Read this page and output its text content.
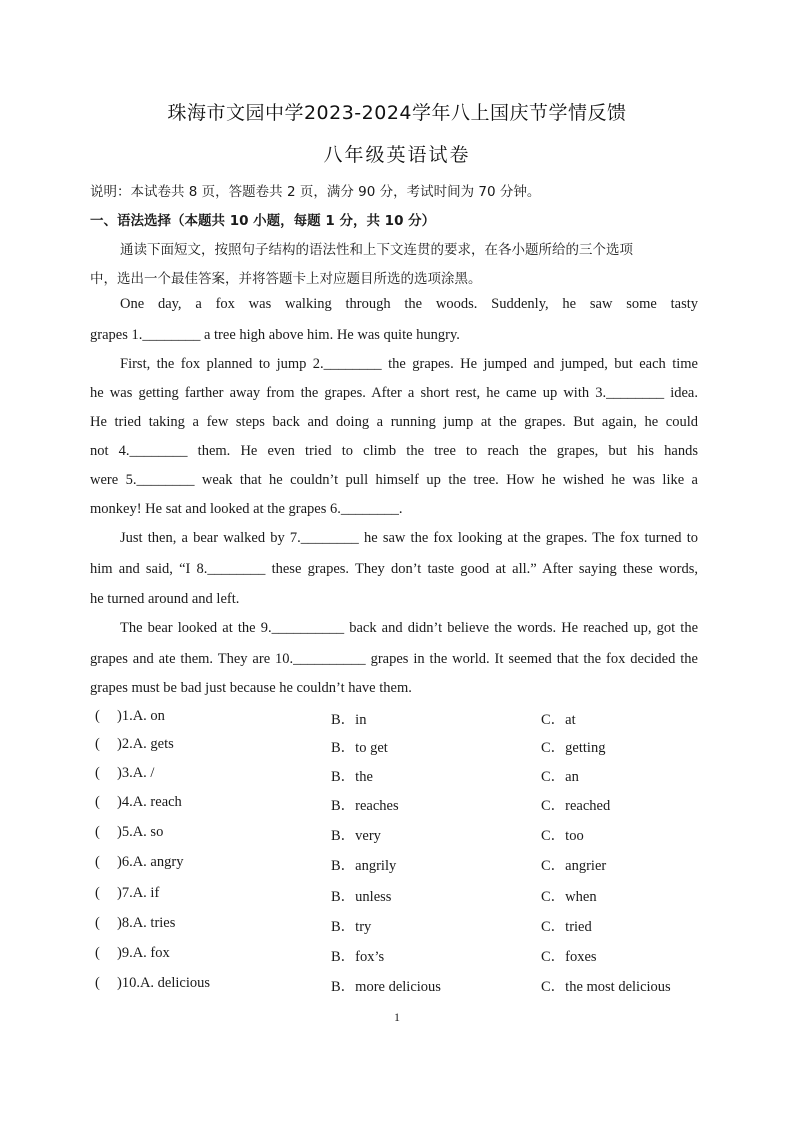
珠海市文园中学2023-2024学年八上国庆节学情反馈
八年级英语试卷
说明：本试卷共 8 页，答题卷共 2 页，满分 90 分，考试时间为 70 分钟。
一、语法选择（本题共 10 小题，每题 1 分，共 10 分）
通读下面短文，按照句子结构的语法性和上下文连贯的要求，在各小题所给的三个选项
中，选出一个最佳答案，并将答题卡上对应题目所选的选项涂黑。
One day, a fox was walking through the woods. Suddenly, he saw some tasty
grapes 1.________ a tree high above him. He was quite hungry.
First, the fox planned to jump 2.________ the grapes. He jumped and jumped, but each time
he was getting farther away from the grapes. After a short rest, he came up with 3.________ idea.
He tried taking a few steps back and doing a running jump at the grapes. But again, he could
not 4.________ them. He even tried to climb the tree to reach the grapes, but his hands
were 5.________ weak that he couldn’t pull himself up the tree. How he wished he was like a
monkey! He sat and looked at the grapes 6.________.
Just then, a bear walked by 7.________ he saw the fox looking at the grapes. The fox turned to
him and said, “I 8.________ these grapes. They don’t taste good at all.” After saying these words,
he turned around and left.
The bear looked at the 9.__________ back and didn’t believe the words. He reached up, got the
grapes and ate them. They are 10.__________ grapes in the world. It seemed that the fox decided the
grapes must be bad just because he couldn’t have them.
( )1.A. on	B．in	C．at
( )2.A. gets	B．to get	C．getting
( )3.A. /	B．the	C．an
( )4.A. reach	B．reaches	C．reached
( )5.A. so	B．very	C．too
( )6.A. angry	B．angrily	C．angrier
( )7.A. if	B．unless	C．when
( )8.A. tries	B．try	C．tried
( )9.A. fox	B．fox’s	C．foxes
( )10.A. delicious	B．more delicious	C．the most delicious
1
